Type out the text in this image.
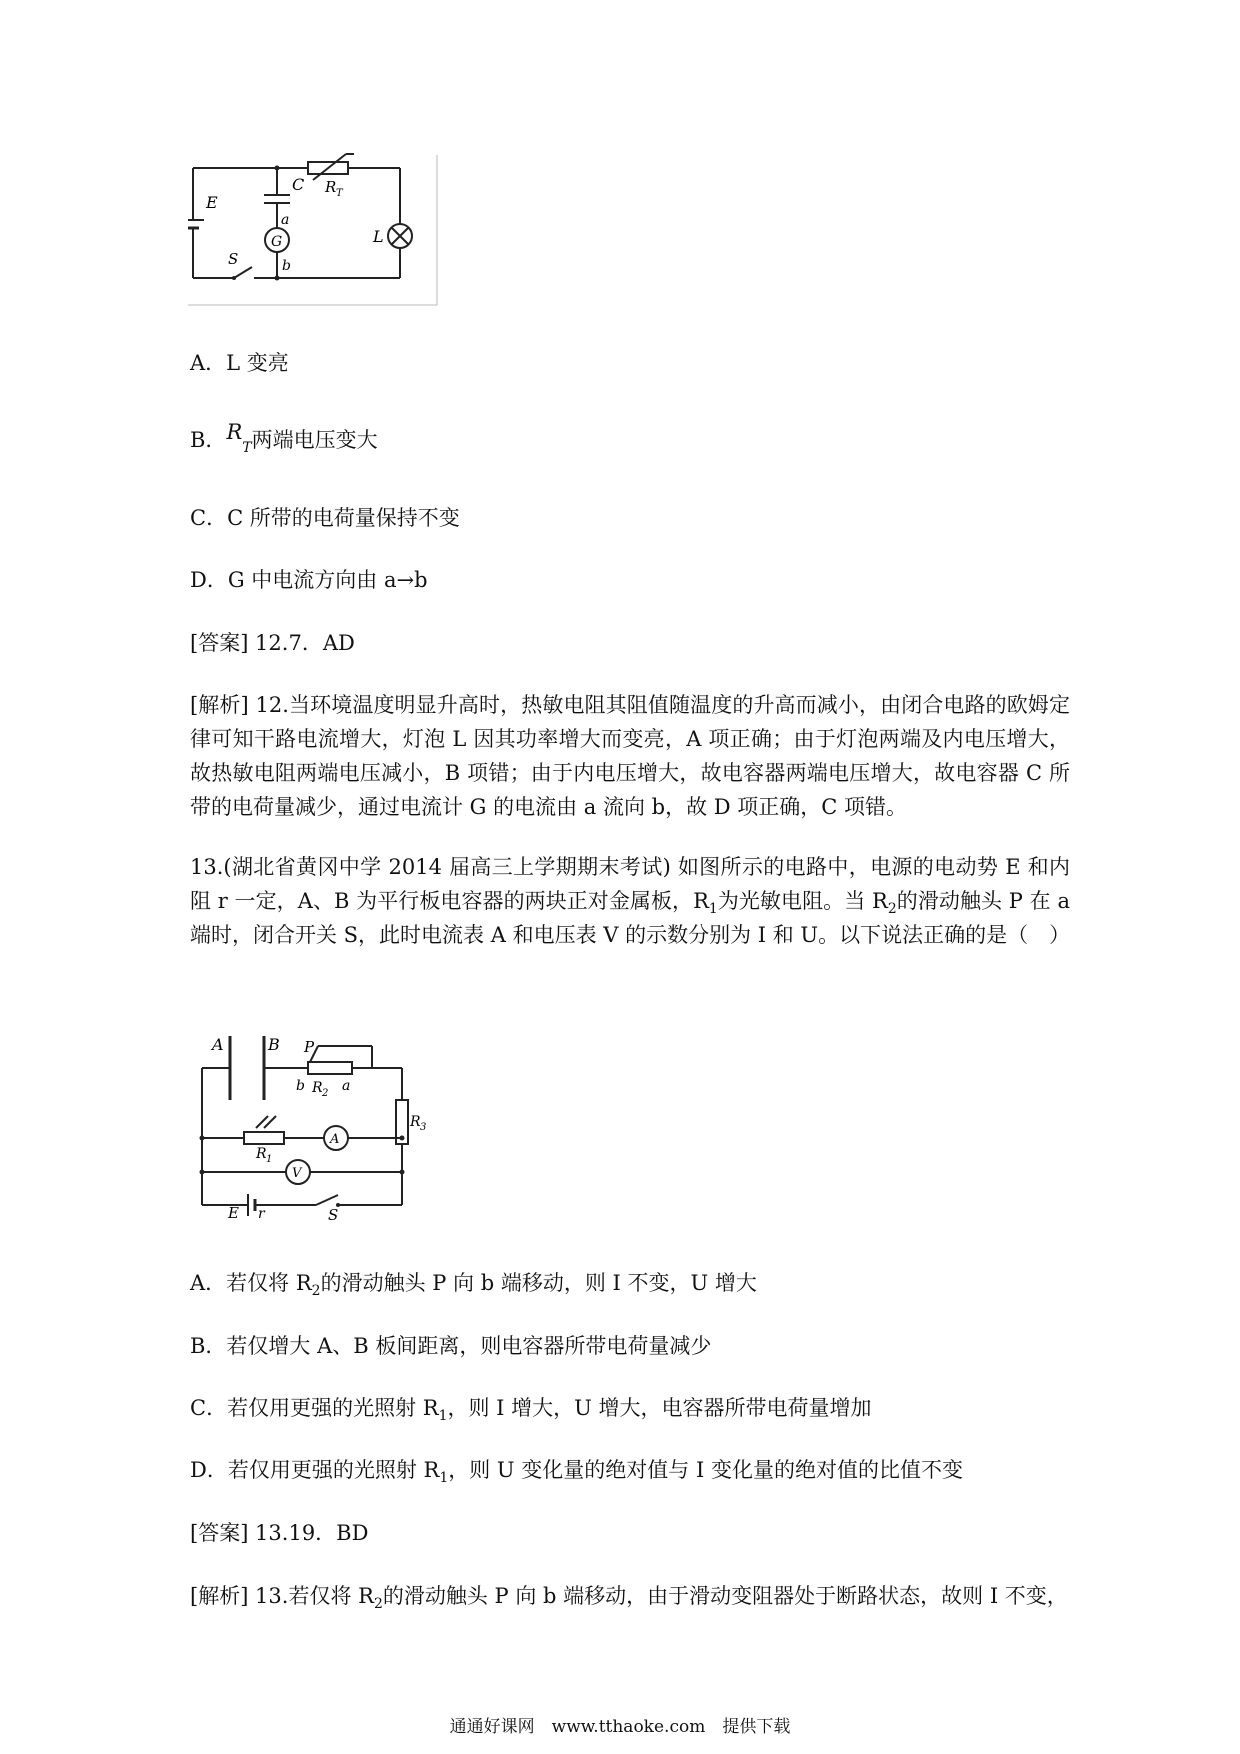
E
C R T
L
G
a
b
S
A．L 变亮
B．$R_T$两端电压变大
C．C 所带的电荷量保持不变
D．G 中电流方向由 a→b
[答案] 12.7．AD
[解析] 12.当环境温度明显升高时，热敏电阻其阻值随温度的升高而减小，由闭合电路的欧姆定律可知干路电流增大，灯泡 L 因其功率增大而变亮，A 项正确；由于灯泡两端及内电压增大，故热敏电阻两端电压减小，B 项错；由于内电压增大，故电容器两端电压增大，故电容器 C 所带的电荷量减少，通过电流计 G 的电流由 a 流向 b，故 D 项正确，C 项错。
13.(湖北省黄冈中学 2014 届高三上学期期末考试) 如图所示的电路中，电源的电动势 E 和内阻 r 一定，A、B 为平行板电容器的两块正对金属板，$R_1$为光敏电阻。当 $R_2$的滑动触头 P 在 a 端时，闭合开关 S，此时电流表 A 和电压表 V 的示数分别为 I 和 U。以下说法正确的是（　）
A	B P
b R 2 a
R 3
R 1
A
V
E r	S
A．若仅将 $R_2$的滑动触头 P 向 b 端移动，则 I 不变，U 增大
B．若仅增大 A、B 板间距离，则电容器所带电荷量减少
C．若仅用更强的光照射 $R_1$，则 I 增大，U 增大，电容器所带电荷量增加
D．若仅用更强的光照射 $R_1$，则 U 变化量的绝对值与 I 变化量的绝对值的比值不变
[答案] 13.19．BD
[解析] 13.若仅将 $R_2$的滑动触头 P 向 b 端移动，由于滑动变阻器处于断路状态，故则 I 不变，
通通好课网　www.tthaoke.com　提供下载
